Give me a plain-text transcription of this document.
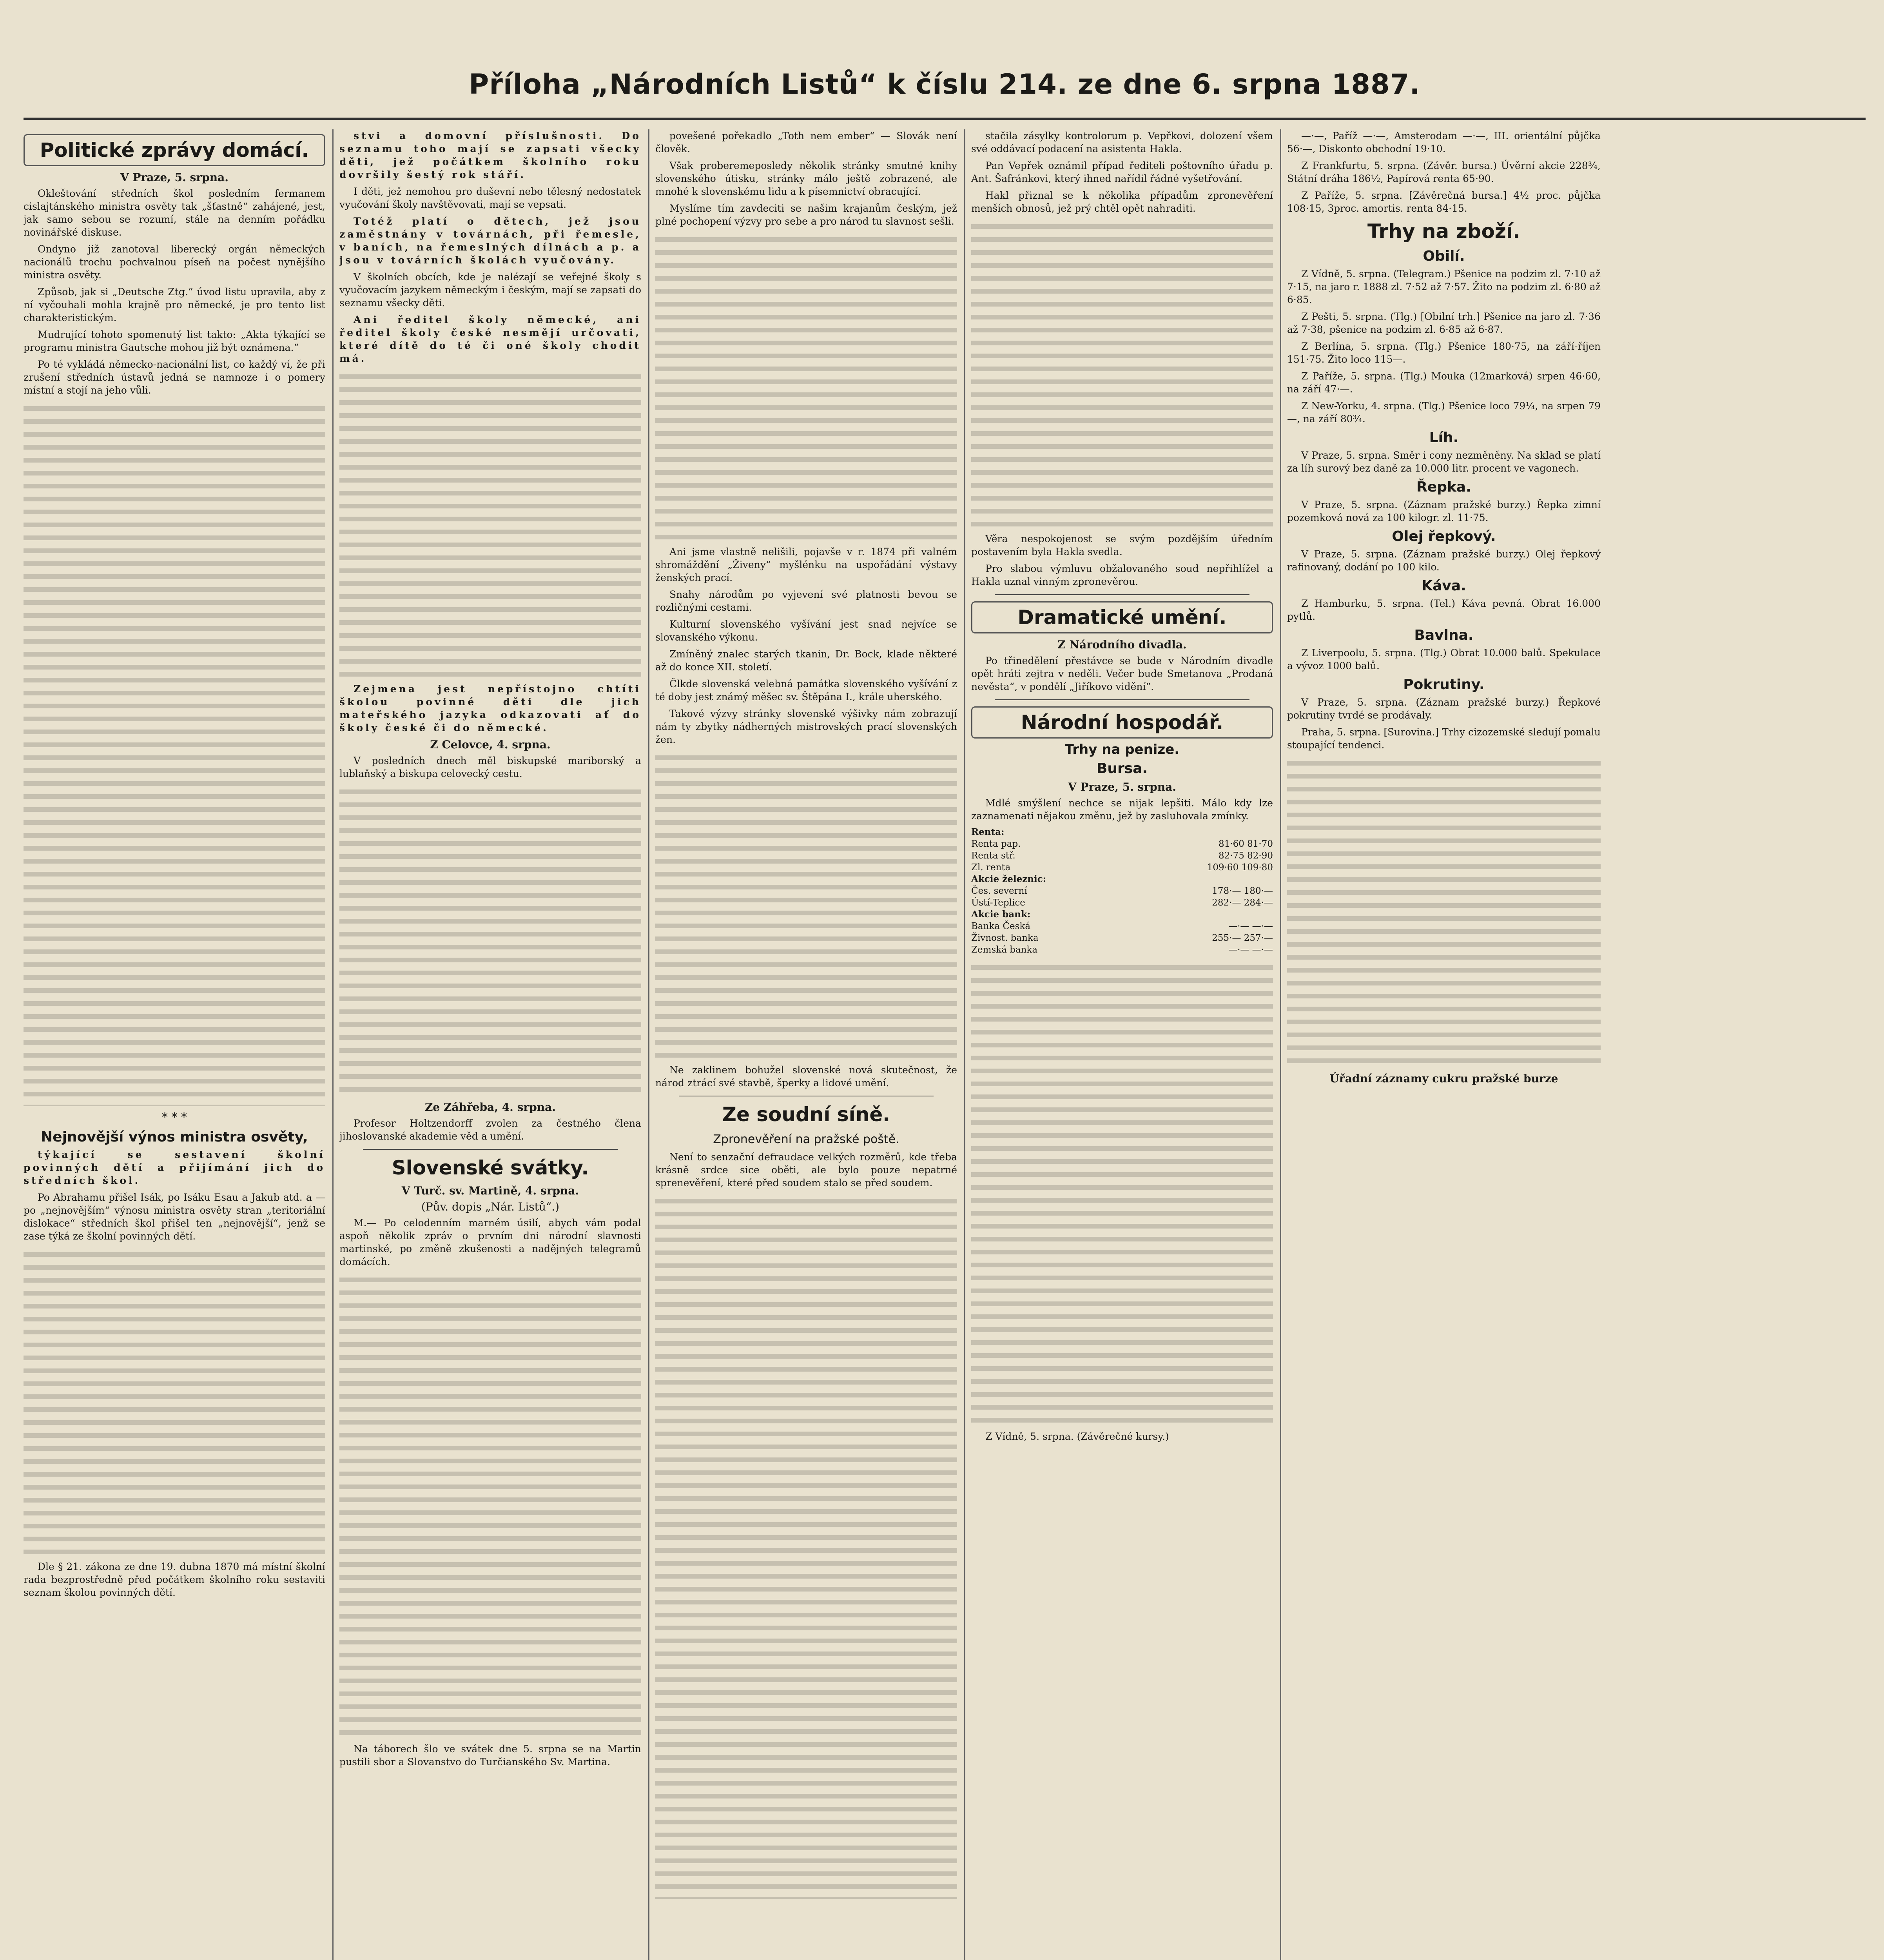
Příloha „Národních Listů“ k číslu 214. ze dne 6. srpna 1887.
Politické zprávy domácí.
V Praze, 5. srpna.

Okleštování středních škol posledním fermanem cislajtánského ministra osvěty tak „šťastně“ zahájené, jest, jak samo sebou se rozumí, stále na denním pořádku novinářské diskuse.

Ondyno již zanotoval liberecký orgán německých nacionálů trochu pochvalnou píseň na počest nynějšího ministra osvěty.

Způsob, jak si „Deutsche Ztg.“ úvod listu upravila, aby z ní vyčouhali mohla krajně pro německé, je pro tento list charakteristickým.

Mudrující tohoto spomenutý list takto: „Akta týkající se programu ministra Gautsche mohou již být oznámena.“

Po té vykládá německo-nacionální list, co každý ví, že při zrušení středních ústavů jedná se namnoze i o pomery místní a stojí na jeho vůli.

* * *
Nejnovější výnos ministra osvěty,

týkající se sestavení školní povinných dětí a přijímání jich do středních škol.

Po Abrahamu přišel Isák, po Isáku Esau a Jakub atd. a — po „nejnovějším“ výnosu ministra osvěty stran „teritoriální dislokace“ středních škol přišel ten „nejnovější“, jenž se zase týká ze školní povinných dětí.

Dle § 21. zákona ze dne 19. dubna 1870 má místní školní rada bezprostředně před počátkem školního roku sestaviti seznam školou povinných dětí.

stvi a domovní příslušnosti. Do seznamu toho mají se zapsati všecky děti, jež počátkem školního roku dovršily šestý rok stáří.

I děti, jež nemohou pro duševní nebo tělesný nedostatek vyučování školy navštěvovati, mají se vepsati.

Totéž platí o dětech, jež jsou zaměstnány v továrnách, při řemesle, v baních, na řemeslných dílnách a p. a jsou v továrních školách vyučovány.

V školních obcích, kde je nalézají se veřejné školy s vyučovacím jazykem německým i českým, mají se zapsati do seznamu všecky děti.

Ani ředitel školy německé, ani ředitel školy české nesmějí určovati, které dítě do té či oné školy chodit má.

Zejmena jest nepřístojno chtíti školou povinné děti dle jich mateřského jazyka odkazovati ať do školy české či do německé.

Z Celovce, 4. srpna.

V posledních dnech měl biskupské mariborský a lublaňský a biskupa celovecký cestu.

Ze Záhřeba, 4. srpna.

Profesor Holtzendorff zvolen za čestného člena jihoslovanské akademie věd a umění.

Slovenské svátky.
V Turč. sv. Martině, 4. srpna.
(Pův. dopis „Nár. Listů“.)

M.— Po celodenním marném úsilí, abych vám podal aspoň několik zpráv o prvním dni národní slavnosti martinské, po změně zkušenosti a nadějných telegramů domácích.

Na táborech šlo ve svátek dne 5. srpna se na Martin pustili sbor a Slovanstvo do Turčianského Sv. Martina.

povešené pořekadlo „Toth nem ember“ — Slovák není člověk.

Však proberemeposledy několik stránky smutné knihy slovenského útisku, stránky málo ještě zobrazené, ale mnohé k slovenskému lidu a k písemnictví obracující.

Myslíme tím zavdeciti se našim krajanům českým, jež plné pochopení výzvy pro sebe a pro národ tu slavnost sešli.

Ani jsme vlastně nelišili, pojavše v r. 1874 při valném shromáždění „Živeny“ myšlénku na uspořádání výstavy ženských prací.

Snahy národům po vyjevení své platnosti bevou se rozličnými cestami.

Kulturní slovenského vyšívání jest snad nejvíce se slovanského výkonu.

Zmíněný znalec starých tkanin, Dr. Bock, klade některé až do konce XII. století.

Člkde slovenská velebná památka slovenského vyšívání z té doby jest známý měšec sv. Štěpána I., krále uherského.

Takové výzvy stránky slovenské výšivky nám zobrazují nám ty zbytky nádherných mistrovských prací slovenských žen.

Ne zaklinem bohužel slovenské nová skutečnost, že národ ztrácí své stavbě, šperky a lidové umění.

Ze soudní síně.
Zpronevěření na pražské poště.

Není to senzační defraudace velkých rozměrů, kde třeba krásně srdce sice oběti, ale bylo pouze nepatrné sprenevěření, které před soudem stalo se před soudem.

stačila zásylky kontrolorum p. Vepřkovi, dolození všem své oddávací podacení na asistenta Hakla.

Pan Vepřek oznámil případ řediteli poštovního úřadu p. Ant. Šafránkovi, který ihned nařídil řádné vyšetřování.

Hakl přiznal se k několika případům zpronevěření menších obnosů, jež prý chtěl opět nahraditi.

Věra nespokojenost se svým pozdějším úředním postavením byla Hakla svedla.

Pro slabou výmluvu obžalovaného soud nepřihlížel a Hakla uznal vinným zpronevěrou.

Dramatické umění.
Z Národního divadla.

Po třinedělení přestávce se bude v Národním divadle opět hráti zejtra v neděli. Večer bude Smetanova „Prodaná nevěsta“, v pondělí „Jiříkovo vidění“.

Národní hospodář.
Trhy na penize.
Bursa.
V Praze, 5. srpna.

Mdlé smýšlení nechce se nijak lepšiti. Málo kdy lze zaznamenati nějakou změnu, jež by zasluhovala zmínky.

Renta:
Renta pap.	81·60 81·70
Renta stř.	82·75 82·90
Zl. renta	109·60 109·80
Akcie železnic:
Čes. severní	178·— 180·—
Ústí-Teplice	282·— 284·—
Akcie bank:
Banka Česká	—·— —·—
Živnost. banka	255·— 257·—
Zemská banka	—·— —·—

Z Vídně, 5. srpna. (Závěrečné kursy.)

—·—, Paříž —·—, Amsterodam —·—, III. orientální půjčka 56·—, Diskonto obchodní 19·10.

Z Frankfurtu, 5. srpna. (Závěr. bursa.) Úvěrní akcie 228¾, Státní dráha 186½, Papírová renta 65·90.

Z Paříže, 5. srpna. [Závěrečná bursa.] 4½ proc. půjčka 108·15, 3proc. amortis. renta 84·15.

Trhy na zboží.
Obilí.

Z Vídně, 5. srpna. (Telegram.) Pšenice na podzim zl. 7·10 až 7·15, na jaro r. 1888 zl. 7·52 až 7·57. Žito na podzim zl. 6·80 až 6·85.

Z Pešti, 5. srpna. (Tlg.) [Obilní trh.] Pšenice na jaro zl. 7·36 až 7·38, pšenice na podzim zl. 6·85 až 6·87.

Z Berlína, 5. srpna. (Tlg.) Pšenice 180·75, na září-říjen 151·75. Žito loco 115—.

Z Paříže, 5. srpna. (Tlg.) Mouka (12marková) srpen 46·60, na září 47·—.

Z New-Yorku, 4. srpna. (Tlg.) Pšenice loco 79¼, na srpen 79—, na září 80¾.

Líh.

V Praze, 5. srpna. Směr i cony nezměněny. Na sklad se platí za líh surový bez daně za 10.000 litr. procent ve vagonech.

Řepka.

V Praze, 5. srpna. (Záznam pražské burzy.) Řepka zimní pozemková nová za 100 kilogr. zl. 11·75.

Olej řepkový.

V Praze, 5. srpna. (Záznam pražské burzy.) Olej řepkový rafinovaný, dodání po 100 kilo.

Káva.

Z Hamburku, 5. srpna. (Tel.) Káva pevná. Obrat 16.000 pytlů.

Bavlna.

Z Liverpoolu, 5. srpna. (Tlg.) Obrat 10.000 balů. Spekulace a vývoz 1000 balů.

Pokrutiny.

V Praze, 5. srpna. (Záznam pražské burzy.) Řepkové pokrutiny tvrdé se prodávaly.

Praha, 5. srpna. [Surovina.] Trhy cizozemské sledují pomalu stoupající tendenci.

Úřadní záznamy cukru pražské burze
